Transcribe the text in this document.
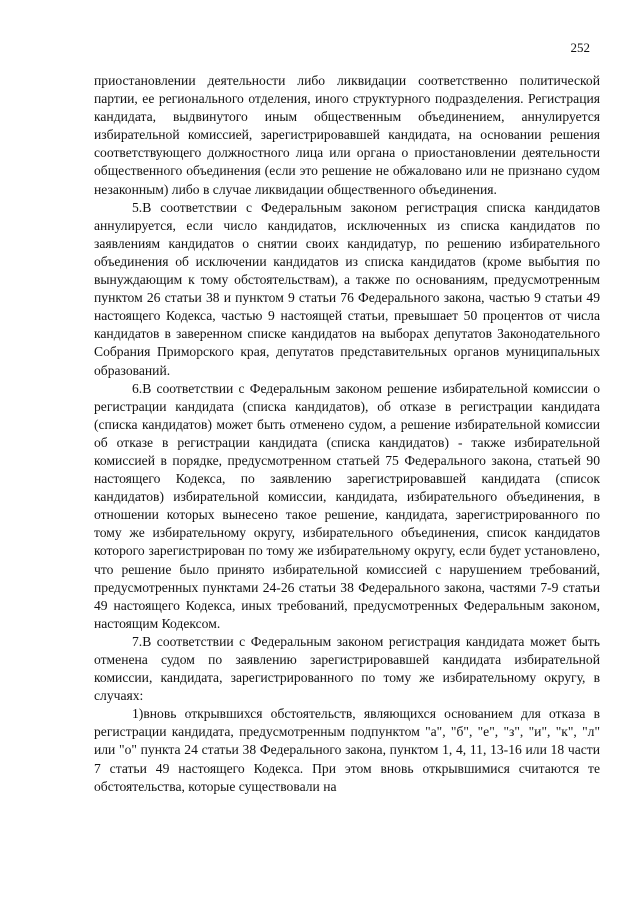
252

приостановлении деятельности либо ликвидации соответственно политической партии, ее регионального отделения, иного структурного подразделения. Регистрация кандидата, выдвинутого иным общественным объединением, аннулируется избирательной комиссией, зарегистрировавшей кандидата, на основании решения соответствующего должностного лица или органа о приостановлении деятельности общественного объединения (если это решение не обжаловано или не признано судом незаконным) либо в случае ликвидации общественного объединения.

5.В соответствии с Федеральным законом регистрация списка кандидатов аннулируется, если число кандидатов, исключенных из списка кандидатов по заявлениям кандидатов о снятии своих кандидатур, по решению избирательного объединения об исключении кандидатов из списка кандидатов (кроме выбытия по вынуждающим к тому обстоятельствам), а также по основаниям, предусмотренным пунктом 26 статьи 38 и пунктом 9 статьи 76 Федерального закона, частью 9 статьи 49 настоящего Кодекса, частью 9 настоящей статьи, превышает 50 процентов от числа кандидатов в заверенном списке кандидатов на выборах депутатов Законодательного Собрания Приморского края, депутатов представительных органов муниципальных образований.

6.В соответствии с Федеральным законом решение избирательной комиссии о регистрации кандидата (списка кандидатов), об отказе в регистрации кандидата (списка кандидатов) может быть отменено судом, а решение избирательной комиссии об отказе в регистрации кандидата (списка кандидатов) - также избирательной комиссией в порядке, предусмотренном статьей 75 Федерального закона, статьей 90 настоящего Кодекса, по заявлению зарегистрировавшей кандидата (список кандидатов) избирательной комиссии, кандидата, избирательного объединения, в отношении которых вынесено такое решение, кандидата, зарегистрированного по тому же избирательному округу, избирательного объединения, список кандидатов которого зарегистрирован по тому же избирательному округу, если будет установлено, что решение было принято избирательной комиссией с нарушением требований, предусмотренных пунктами 24-26 статьи 38 Федерального закона, частями 7-9 статьи 49 настоящего Кодекса, иных требований, предусмотренных Федеральным законом, настоящим Кодексом.

7.В соответствии с Федеральным законом регистрация кандидата может быть отменена судом по заявлению зарегистрировавшей кандидата избирательной комиссии, кандидата, зарегистрированного по тому же избирательному округу, в случаях:

1)вновь открывшихся обстоятельств, являющихся основанием для отказа в регистрации кандидата, предусмотренным подпунктом "а", "б", "е", "з", "и", "к", "л" или "о" пункта 24 статьи 38 Федерального закона, пунктом 1, 4, 11, 13-16 или 18 части 7 статьи 49 настоящего Кодекса. При этом вновь открывшимися считаются те обстоятельства, которые существовали на
